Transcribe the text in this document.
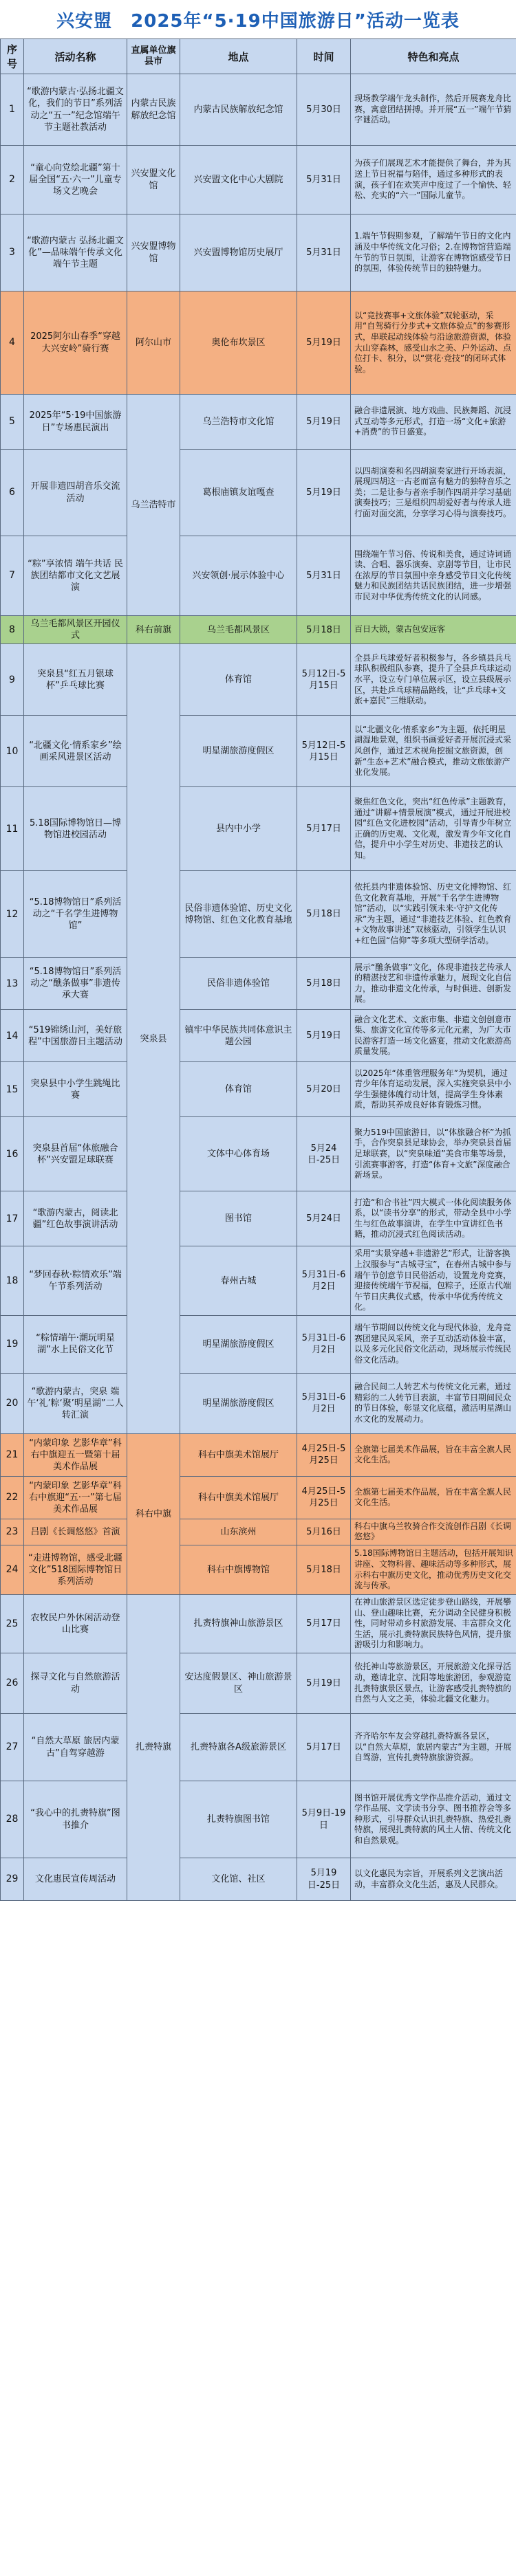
兴安盟　2025年“5·19中国旅游日”活动一览表
序号	活动名称	直属单位旗县市	地点	时间	特色和亮点
1	“歌游内蒙古·弘扬北疆文化，我们的节日”系列活动之“五一”纪念馆端午节主题社教活动	内蒙古民族解放纪念馆	内蒙古民族解放纪念馆	5月30日	现场教学端午龙头制作，然后开展赛龙舟比赛，寓意团结拼搏。并开展“五一”端午节猜字谜活动。
2	“童心向党绘北疆”第十届全国“五·六一”儿童专场文艺晚会	兴安盟文化馆	兴安盟文化中心大剧院	5月31日	为孩子们展现艺术才能提供了舞台，并为其送上节日祝福与陪伴，通过多种形式的表演，孩子们在欢笑声中度过了一个愉快、轻松、充实的“六一”国际儿童节。
3	“歌游内蒙古 弘扬北疆文化”—品味端午传承文化端午节主题	兴安盟博物馆	兴安盟博物馆历史展厅	5月31日	1.端午节假期参观，了解端午节日的文化内涵及中华传统文化习俗；2.在博物馆营造端午节的节日氛围，让游客在博物馆感受节日的氛围，体验传统节日的独特魅力。
4	2025阿尔山春季“穿越大兴安岭”骑行赛	阿尔山市	奥伦布坎景区	5月19日	以“竞技赛事+文旅体验”双轮驱动，采用“自驾骑行分步式+文旅体验点”的参赛形式，串联起动线体验与沿途旅游资源，体验大山穿森林，感受山水之美、户外运动、点位打卡、积分，以“赏花·竞技”的闭环式体验。
5	2025年“5·19中国旅游日”专场惠民演出	乌兰浩特市	乌兰浩特市文化馆	5月19日	融合非遗展演、地方戏曲、民族舞蹈、沉浸式互动等多元形式，打造一场“文化+旅游+消费”的节日盛宴。
6	开展非遗四胡音乐交流活动		葛根庙镇友谊嘎查	5月19日	以四胡演奏和名四胡演奏家进行开场表演，展现四胡这一古老而富有魅力的独特音乐之美；二是让参与者亲手制作四胡并学习基础演奏技巧；三是组织四胡爱好者与传承人进行面对面交流，分享学习心得与演奏技巧。
7	“粽”享浓情 端午共话 民族团结都市文化文艺展演		兴安领创·展示体验中心	5月31日	围绕端午节习俗、传说和美食，通过诗词诵读、合唱、器乐演奏、京剧等节目，让市民在浓厚的节日氛围中亲身感受节日文化传统魅力和民族团结共话民族团结，进一步增强市民对中华优秀传统文化的认同感。
8	乌兰毛都风景区开园仪式	科右前旗	乌兰毛都风景区	5月18日	百日大锁，蒙古包安远客
9	突泉县“红五月银球杯”乒乓球比赛	突泉县	体育馆	5月12日-5月15日	全县乒乓球爱好者积极参与，各乡镇县兵乓球队积极组队参赛，提升了全县乒乓球运动水平，设立专门单位展示区，设立县级展示区，共赴乒乓球精品路线，让“乒乓球+文旅+嘉民”三维联动。
10	“北疆文化·情系家乡”绘画采风进景区活动		明星湖旅游度假区	5月12日-5月15日	以“北疆文化·情系家乡”为主题，依托明星湖湿地景观，组织书画爱好者开展沉浸式采风创作，通过艺术视角挖掘文旅资源，创新“生态+艺术”融合模式，推动文旅旅游产业化发展。
11	5.18国际博物馆日—博物馆进校园活动		县内中小学	5月17日	聚焦红色文化，突出“红色传承”主题教育，通过“讲解+情景展演”模式，通过开展进校园“红色文化进校园”活动，引导青少年树立正确的历史观、文化观，激发青少年文化自信，提升中小学生对历史、非遗技艺的认知。
12	“5.18博物馆日”系列活动之“千名学生进博物馆”		民俗非遗体验馆、历史文化博物馆、红色文化教育基地	5月18日	依托县内非遗体验馆、历史文化博物馆、红色文化教育基地，开展“千名学生进博物馆”活动，以“实践引领未来·守护文化传承”为主题，通过“非遗技艺体验、红色教育+文物故事讲述”双核驱动，引领学生认识+红色圆“信仰”等多项大型研学活动。
13	“5.18博物馆日”系列活动之“醮条做事”非遗传承大赛		民俗非遗体验馆	5月18日	展示“醮条做事”文化，体现非遗技艺传承人的精湛技艺和非遗传承魅力，展现文化自信力，推动非遗文化传承，与时俱进、创新发展。
14	“519锦绣山河，美好旅程”中国旅游日主题活动		镇牢中华民族共同体意识主题公园	5月19日	融合文化艺术、文旅市集、非遗文创创意市集、旅游文化宣传等多元化元素，为广大市民游客打造一场文化盛宴，推动文化旅游高质量发展。
15	突泉县中小学生跳绳比赛		体育馆	5月20日	以2025年“体重管理服务年”为契机，通过青少年体育运动发展，深入实施突泉县中小学生强健体魄行动计划，提高学生身体素质，帮助其养成良好体育锻炼习惯。
16	突泉县首届“体旅融合杯”兴安盟足球联赛		文体中心体育场	5月24日-25日	聚力519中国旅游日，以“体旅融合杯”为抓手，合作突泉县足球协会，举办突泉县首届足球联赛，以“突泉味道”美食市集等场景，引流赛事游客，打造“体育+文旅”深度融合新场景。
17	“歌游内蒙古，阅读北疆”红色故事演讲活动		图书馆	5月24日	打造“和合书社”四大模式一体化阅读服务体系，以“读书分享”的形式，带动全县中小学生与红色故事演讲，在学生中宣讲红色书籍，推动沉浸式红色阅读活动。
18	“梦回春秋·粽情欢乐”端午节系列活动		春州古城	5月31日-6月2日	采用“实景穿越+非遗游艺”形式，让游客换上汉服参与“古城寻宝”，在春州古城中参与端午节创意节日民俗活动，设置龙舟竞赛，迎接传统端午节祝福，包粽子，还原古代端午节日庆典仪式感，传承中华优秀传统文化。
19	“粽情端午·潮玩明星湖”水上民俗文化节		明星湖旅游度假区	5月31日-6月2日	端午节期间以传统文化与现代体验，龙舟竞赛团建民风采风，亲子互动活动体验丰富，以及多元化民俗文化活动，现场展示传统民俗文化活动。
20	“歌游内蒙古，突泉 端午‘礼’粽‘聚’明星湖”二人转汇演		明星湖旅游度假区	5月31日-6月2日	融合民间二人转艺术与传统文化元素，通过精彩的二人转节目表演，丰富节日期间民众的节日体验，彰显文化底蕴，激活明星湖山水文化的发展动力。
21	“内蒙印象 艺影华章”科右中旗迎五一暨第十届美术作品展	科右中旗	科右中旗美术馆展厅	4月25日-5月25日	全旗第七届美术作品展，旨在丰富全旗人民文化生活。
22	“内蒙印象 艺影华章”科右中旗迎“五·一”第七届美术作品展		科右中旗美术馆展厅	4月25日-5月25日	全旗第七届美术作品展，旨在丰富全旗人民文化生活。
23	吕剧《长调悠悠》首演		山东滨州	5月16日	科右中旗乌兰牧骑合作交流创作吕剧《长调悠悠》
24	“走进博物馆，感受北疆文化”518国际博物馆日系列活动		科右中旗博物馆	5月18日	5.18国际博物馆日主题活动，包括开展知识讲座、文物科普、趣味活动等多种形式，展示科右中旗历史文化，推动优秀历史文化交流与传承。
25	农牧民户外休闲活动登山比赛	扎赉特旗	扎赉特旗神山旅游景区	5月17日	在神山旅游景区选定徒步登山路线，开展攀山、登山趣味比赛，充分调动全民健身积极性，同时带动乡村旅游发展、丰富群众文化生活，展示扎赉特旗民族特色风情，提升旅游吸引力和影响力。
26	探寻文化与自然旅游活动		安达度假景区、神山旅游景区	5月19日	依托神山等旅游景区，开展旅游文化探寻活动，邀请北京、沈阳等地旅游团，参观游览扎赉特旗景区景点，让游客感受扎赉特旗的自然与人文之美，体验北疆文化魅力。
27	“自然大草原 旅居内蒙古”自驾穿越游		扎赉特旗各A级旅游景区	5月17日	齐齐哈尔车友会穿越扎赉特旗各景区，以“自然大草原，旅居内蒙古”为主题，开展自驾游，宣传扎赉特旗旅游资源。
28	“我心中的扎赉特旗”图书推介		扎赉特旗图书馆	5月9日-19日	图书馆开展优秀文学作品推介活动，通过文学作品展、文学读书分享、图书推荐会等多种形式，引导群众认识扎赉特旗、热爱扎赉特旗，展现扎赉特旗的风土人情、传统文化和自然景观。
29	文化惠民宣传周活动		文化馆、社区	5月19日-25日	以文化惠民为宗旨，开展系列文艺演出活动，丰富群众文化生活，惠及人民群众。
